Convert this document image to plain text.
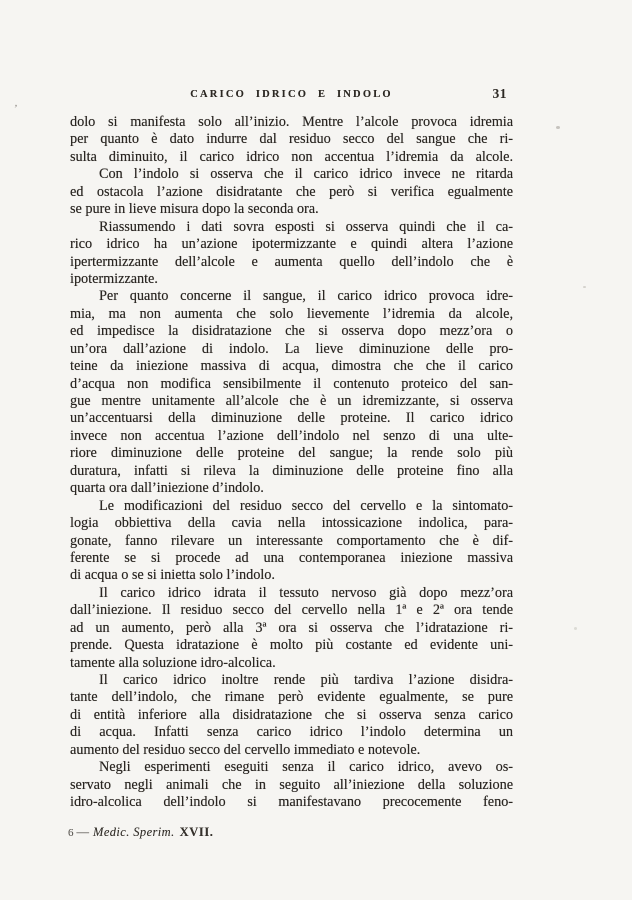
CARICO IDRICO E INDOLO	31
dolo si manifesta solo all’inizio. Mentre l’alcole provoca idremia
per quanto è dato indurre dal residuo secco del sangue che ri-
sulta diminuito, il carico idrico non accentua l’idremia da alcole.
Con l’indolo si osserva che il carico idrico invece ne ritarda
ed ostacola l’azione disidratante che però si verifica egualmente
se pure in lieve misura dopo la seconda ora.
Riassumendo i dati sovra esposti si osserva quindi che il ca-
rico idrico ha un’azione ipotermizzante e quindi altera l’azione
ipertermizzante dell’alcole e aumenta quello dell’indolo che è
ipotermizzante.
Per quanto concerne il sangue, il carico idrico provoca idre-
mia, ma non aumenta che solo lievemente l’idremia da alcole,
ed impedisce la disidratazione che si osserva dopo mezz’ora o
un’ora dall’azione di indolo. La lieve diminuzione delle pro-
teine da iniezione massiva di acqua, dimostra che che il carico
d’acqua non modifica sensibilmente il contenuto proteico del san-
gue mentre unitamente all’alcole che è un idremizzante, si osserva
un’accentuarsi della diminuzione delle proteine. Il carico idrico
invece non accentua l’azione dell’indolo nel senzo di una ulte-
riore diminuzione delle proteine del sangue; la rende solo più
duratura, infatti si rileva la diminuzione delle proteine fino alla
quarta ora dall’iniezione d’indolo.
Le modificazioni del residuo secco del cervello e la sintomato-
logia obbiettiva della cavia nella intossicazione indolica, para-
gonate, fanno rilevare un interessante comportamento che è dif-
ferente se si procede ad una contemporanea iniezione massiva
di acqua o se si inietta solo l’indolo.
Il carico idrico idrata il tessuto nervoso già dopo mezz’ora
dall’iniezione. Il residuo secco del cervello nella 1ª e 2ª ora tende
ad un aumento, però alla 3ª ora si osserva che l’idratazione ri-
prende. Questa idratazione è molto più costante ed evidente uni-
tamente alla soluzione idro-alcolica.
Il carico idrico inoltre rende più tardiva l’azione disidra-
tante dell’indolo, che rimane però evidente egualmente, se pure
di entità inferiore alla disidratazione che si osserva senza carico
di acqua. Infatti senza carico idrico l’indolo determina un
aumento del residuo secco del cervello immediato e notevole.
Negli esperimenti eseguiti senza il carico idrico, avevo os-
servato negli animali che in seguito all’iniezione della soluzione
idro-alcolica dell’indolo si manifestavano precocemente feno-
6 — Medic. Sperim. XVII.
,
